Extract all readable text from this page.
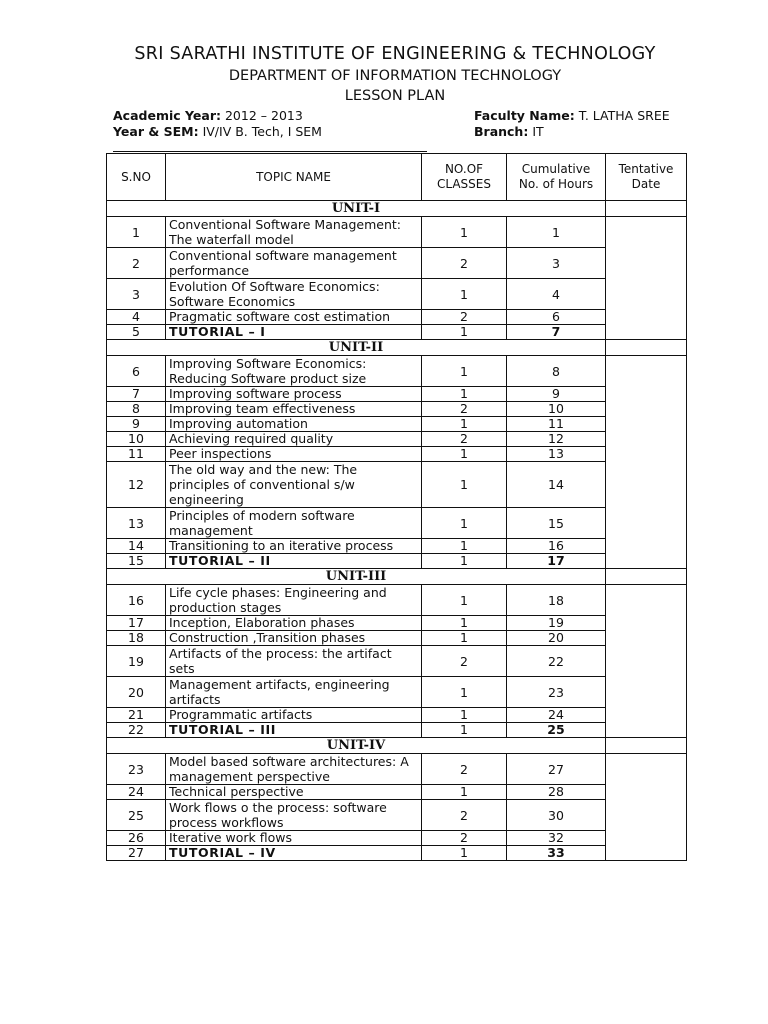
SRI SARATHI INSTITUTE OF ENGINEERING & TECHNOLOGY
DEPARTMENT OF INFORMATION TECHNOLOGY
LESSON PLAN
Academic Year: 2012 – 2013
Year & SEM: IV/IV B. Tech, I SEM
Faculty Name: T. LATHA SREE
Branch: IT
S.NO	TOPIC NAME	NO.OF CLASSES	Cumulative No. of Hours	Tentative Date
UNIT-I				
1	Conventional Software Management: The waterfall model	1	1	
2	Conventional software management performance	2	3	
3	Evolution Of Software Economics: Software Economics	1	4	
4	Pragmatic software cost estimation	2	6	
5	TUTORIAL – I	1	7	
UNIT-II				
6	Improving Software Economics: Reducing Software product size	1	8	
7	Improving software process	1	9	
8	Improving team effectiveness	2	10	
9	Improving automation	1	11	
10	Achieving required quality	2	12	
11	Peer inspections	1	13	
12	The old way and the new: The principles of conventional s/w engineering	1	14	
13	Principles of modern software management	1	15	
14	Transitioning to an iterative process	1	16	
15	TUTORIAL – II	1	17	
UNIT-III				
16	Life cycle phases: Engineering and production stages	1	18	
17	Inception, Elaboration phases	1	19	
18	Construction ,Transition phases	1	20	
19	Artifacts of the process: the artifact sets	2	22	
20	Management artifacts, engineering artifacts	1	23	
21	Programmatic artifacts	1	24	
22	TUTORIAL – III	1	25	
UNIT-IV				
23	Model based software architectures: A management perspective	2	27	
24	Technical perspective	1	28	
25	Work flows o the process: software process workflows	2	30	
26	Iterative work flows	2	32	
27	TUTORIAL – IV	1	33	
